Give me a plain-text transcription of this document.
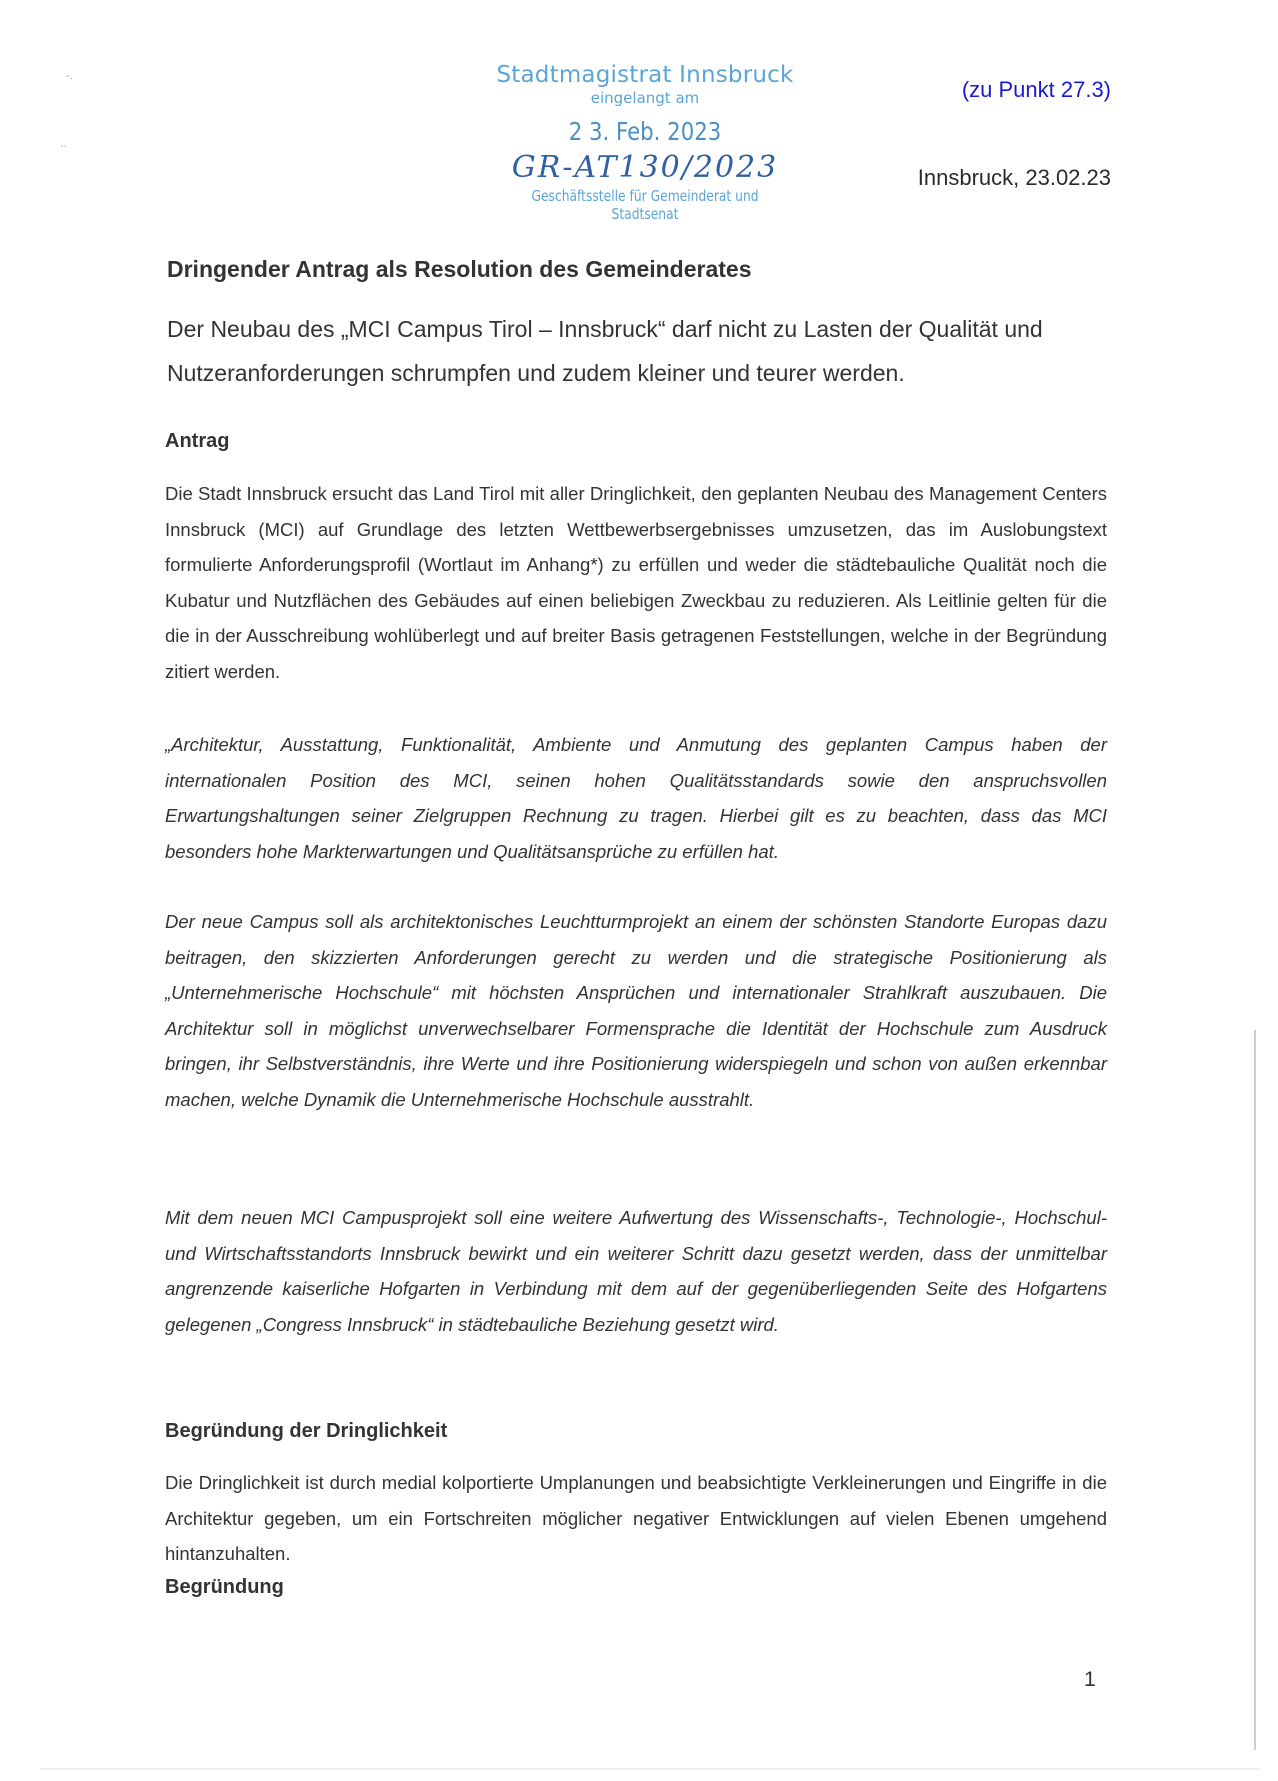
-.
··
Stadtmagistrat Innsbruck
eingelangt am
2 3. Feb. 2023
GR-AT130/2023
Geschäftsstelle für Gemeinderat und Stadtsenat
(zu Punkt 27.3)
Innsbruck, 23.02.23
Dringender Antrag als Resolution des Gemeinderates
Der Neubau des „MCI Campus Tirol – Innsbruck“ darf nicht zu Lasten der Qualität und Nutzeranforderungen schrumpfen und zudem kleiner und teurer werden.
Antrag
Die Stadt Innsbruck ersucht das Land Tirol mit aller Dringlichkeit, den geplanten Neubau des Management Centers Innsbruck (MCI) auf Grundlage des letzten Wettbewerbsergebnisses umzusetzen, das im Auslobungstext formulierte Anforderungsprofil (Wortlaut im Anhang*) zu erfüllen und weder die städtebauliche Qualität noch die Kubatur und Nutzflächen des Gebäudes auf einen beliebigen Zweckbau zu reduzieren. Als Leitlinie gelten für die die in der Ausschreibung wohlüberlegt und auf breiter Basis getragenen Feststellungen, welche in der Begründung zitiert werden.
„Architektur, Ausstattung, Funktionalität, Ambiente und Anmutung des geplanten Campus haben der internationalen Position des MCI, seinen hohen Qualitätsstandards sowie den anspruchsvollen Erwartungshaltungen seiner Zielgruppen Rechnung zu tragen. Hierbei gilt es zu beachten, dass das MCI besonders hohe Markterwartungen und Qualitätsansprüche zu erfüllen hat.
Der neue Campus soll als architektonisches Leuchtturmprojekt an einem der schönsten Standorte Europas dazu beitragen, den skizzierten Anforderungen gerecht zu werden und die strategische Positionierung als „Unternehmerische Hochschule“ mit höchsten Ansprüchen und internationaler Strahlkraft auszubauen. Die Architektur soll in möglichst unverwechselbarer Formensprache die Identität der Hochschule zum Ausdruck bringen, ihr Selbstverständnis, ihre Werte und ihre Positionierung widerspiegeln und schon von außen erkennbar machen, welche Dynamik die Unternehmerische Hochschule ausstrahlt.
Mit dem neuen MCI Campusprojekt soll eine weitere Aufwertung des Wissenschafts-, Technologie-, Hochschul- und Wirtschaftsstandorts Innsbruck bewirkt und ein weiterer Schritt dazu gesetzt werden, dass der unmittelbar angrenzende kaiserliche Hofgarten in Verbindung mit dem auf der gegenüberliegenden Seite des Hofgartens gelegenen „Congress Innsbruck“ in städtebauliche Beziehung gesetzt wird.
Begründung der Dringlichkeit
Die Dringlichkeit ist durch medial kolportierte Umplanungen und beabsichtigte Verkleinerungen und Eingriffe in die Architektur gegeben, um ein Fortschreiten möglicher negativer Entwicklungen auf vielen Ebenen umgehend hintanzuhalten.
Begründung
1
